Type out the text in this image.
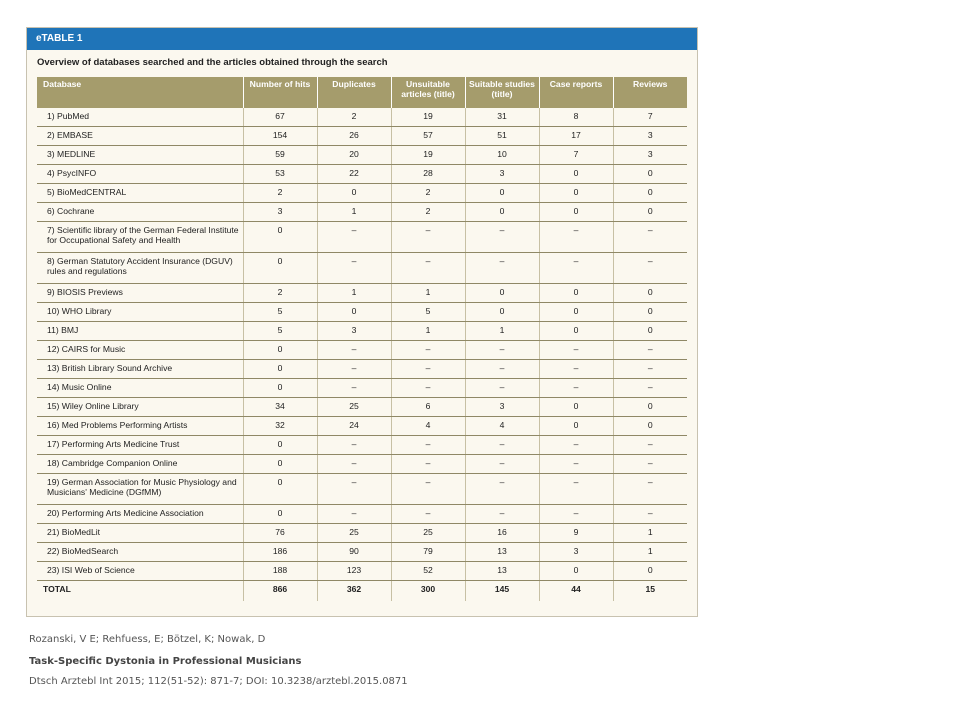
eTABLE 1
Overview of databases searched and the articles obtained through the search
Database	Number of hits	Duplicates	Unsuitable articles (title)	Suitable studies (title)	Case reports	Reviews
1) PubMed	67	2	19	31	8	7
2) EMBASE	154	26	57	51	17	3
3) MEDLINE	59	20	19	10	7	3
4) PsycINFO	53	22	28	3	0	0
5) BioMedCENTRAL	2	0	2	0	0	0
6) Cochrane	3	1	2	0	0	0
7) Scientific library of the German Federal Institute for Occupational Safety and Health	0	–	–	–	–	–
8) German Statutory Accident Insurance (DGUV) rules and regulations	0	–	–	–	–	–
9) BIOSIS Previews	2	1	1	0	0	0
10) WHO Library	5	0	5	0	0	0
11) BMJ	5	3	1	1	0	0
12) CAIRS for Music	0	–	–	–	–	–
13) British Library Sound Archive	0	–	–	–	–	–
14) Music Online	0	–	–	–	–	–
15) Wiley Online Library	34	25	6	3	0	0
16) Med Problems Performing Artists	32	24	4	4	0	0
17) Performing Arts Medicine Trust	0	–	–	–	–	–
18) Cambridge Companion Online	0	–	–	–	–	–
19) German Association for Music Physiology and Musicians' Medicine (DGfMM)	0	–	–	–	–	–
20) Performing Arts Medicine Association	0	–	–	–	–	–
21) BioMedLit	76	25	25	16	9	1
22) BioMedSearch	186	90	79	13	3	1
23) ISI Web of Science	188	123	52	13	0	0
TOTAL	866	362	300	145	44	15
Rozanski, V E; Rehfuess, E; Bötzel, K; Nowak, D
Task-Specific Dystonia in Professional Musicians
Dtsch Arztebl Int 2015; 112(51-52): 871-7; DOI: 10.3238/arztebl.2015.0871
